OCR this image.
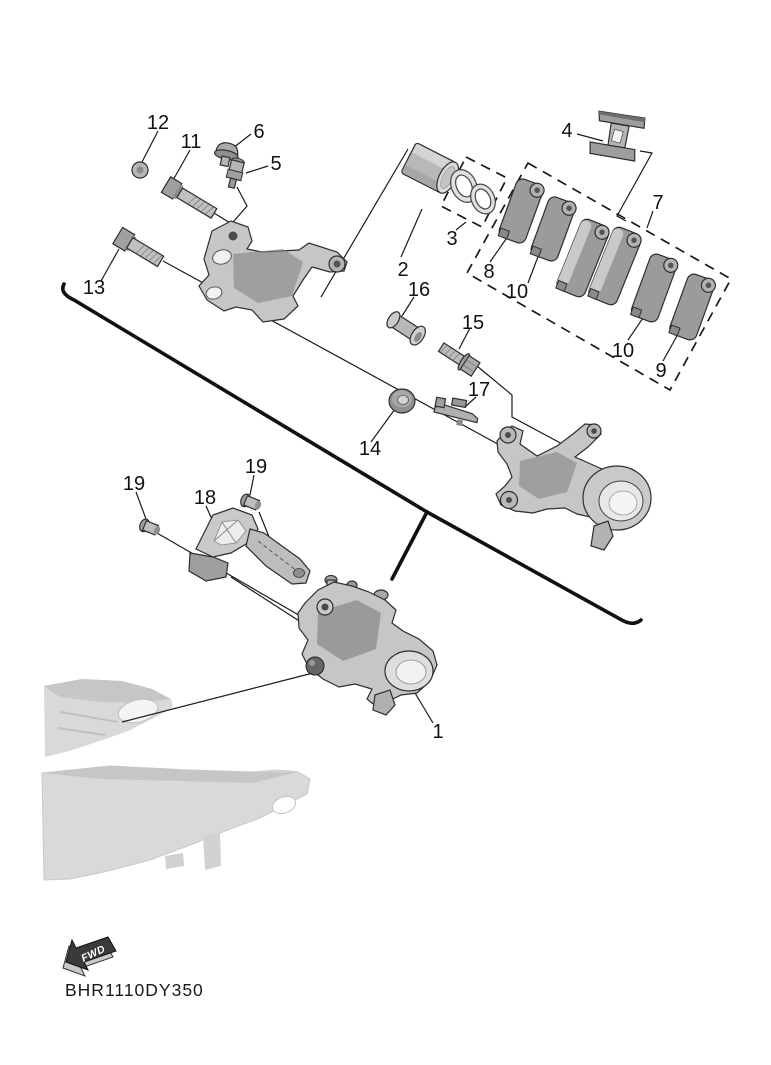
1
2
3
4
5
6
7
8
9
10
10
11
12
13
14
15
16
17
18
19
19
FWD
BHR1110DY350
